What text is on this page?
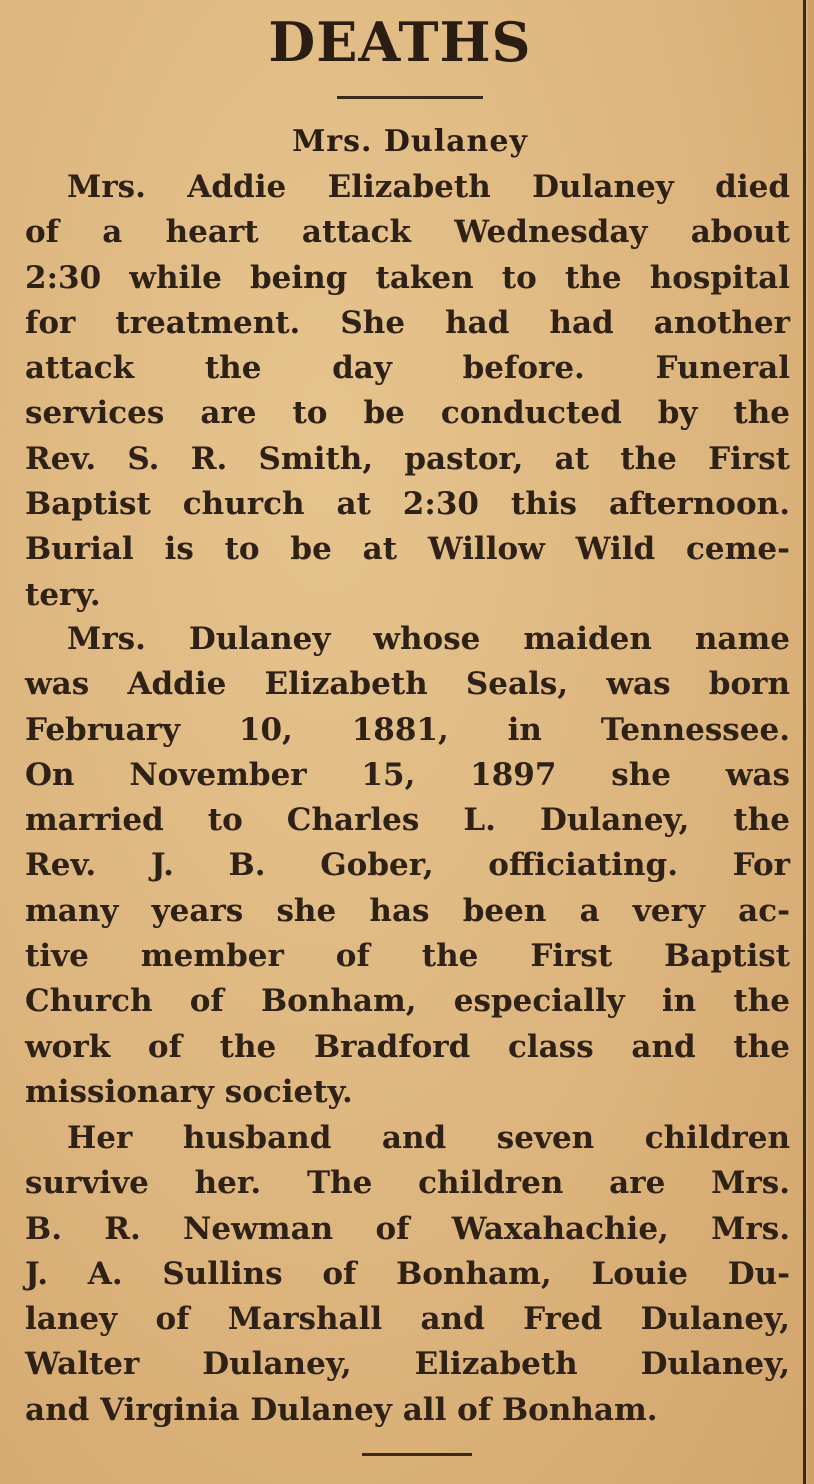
DEATHS
Mrs. Dulaney
Mrs. Addie Elizabeth Dulaney died
of a heart attack Wednesday about
2:30 while being taken to the hospital
for treatment. She had had another
attack the day before. Funeral
services are to be conducted by the
Rev. S. R. Smith, pastor, at the First
Baptist church at 2:30 this afternoon.
Burial is to be at Willow Wild ceme-
tery.
Mrs. Dulaney whose maiden name
was Addie Elizabeth Seals, was born
February 10, 1881, in Tennessee.
On November 15, 1897 she was
married to Charles L. Dulaney, the
Rev. J. B. Gober, officiating. For
many years she has been a very ac-
tive member of the First Baptist
Church of Bonham, especially in the
work of the Bradford class and the
missionary society.
Her husband and seven children
survive her. The children are Mrs.
B. R. Newman of Waxahachie, Mrs.
J. A. Sullins of Bonham, Louie Du-
laney of Marshall and Fred Dulaney,
Walter Dulaney, Elizabeth Dulaney,
and Virginia Dulaney all of Bonham.
